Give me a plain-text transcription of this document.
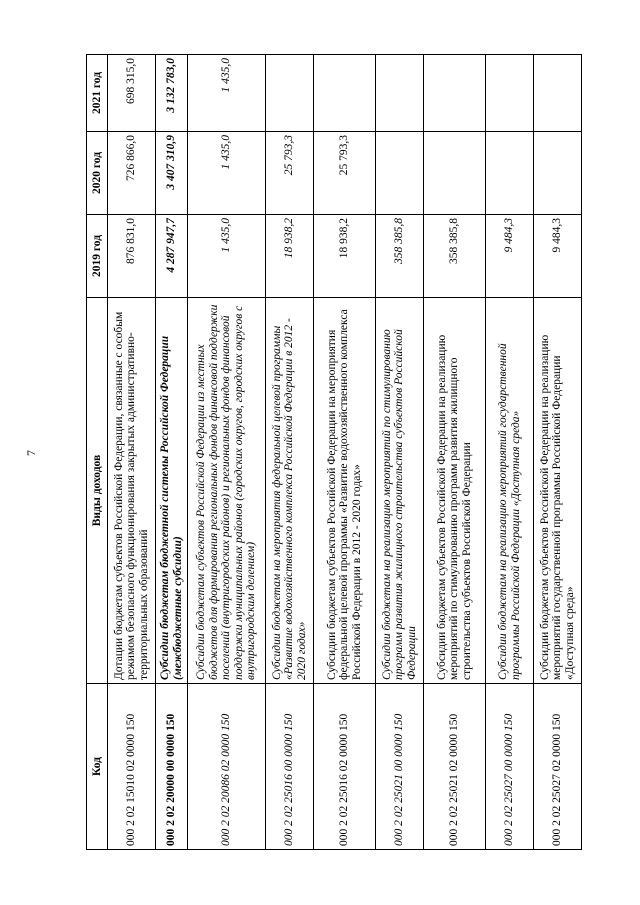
7
Код	Виды доходов	2019 год	2020 год	2021 год
000 2 02 15010 02 0000 150	Дотации бюджетам субъектов Российской Федерации, связанные с особым режимом безопасного функционирования закрытых административно-территориальных образований	876 831,0	726 866,0	698 315,0
000 2 02 20000 00 0000 150	Субсидии бюджетам бюджетной системы Российской Федерации (межбюджетные субсидии)	4 287 947,7	3 407 310,9	3 132 783,0
000 2 02 20086 02 0000 150	Субсидии бюджетам субъектов Российской Федерации из местных бюджетов для формирования региональных фондов финансовой поддержки поселений (внутригородских районов) и региональных фондов финансовой поддержки муниципальных районов (городских округов, городских округов с внутригородским делением)	1 435,0	1 435,0	1 435,0
000 2 02 25016 00 0000 150	Субсидии бюджетам на мероприятия федеральной целевой программы «Развитие водохозяйственного комплекса Российской Федерации в 2012 - 2020 годах»	18 938,2	25 793,3	
000 2 02 25016 02 0000 150	Субсидии бюджетам субъектов Российской Федерации на мероприятия федеральной целевой программы «Развитие водохозяйственного комплекса Российской Федерации в 2012 - 2020 годах»	18 938,2	25 793,3	
000 2 02 25021 00 0000 150	Субсидии бюджетам на реализацию мероприятий по стимулированию программ развития жилищного строительства субъектов Российской Федерации	358 385,8		
000 2 02 25021 02 0000 150	Субсидии бюджетам субъектов Российской Федерации на реализацию мероприятий по стимулированию программ развития жилищного строительства субъектов Российской Федерации	358 385,8		
000 2 02 25027 00 0000 150	Субсидии бюджетам на реализацию мероприятий государственной программы Российской Федерации «Доступная среда»	9 484,3		
000 2 02 25027 02 0000 150	Субсидии бюджетам субъектов Российской Федерации на реализацию мероприятий государственной программы Российской Федерации «Доступная среда»	9 484,3		
